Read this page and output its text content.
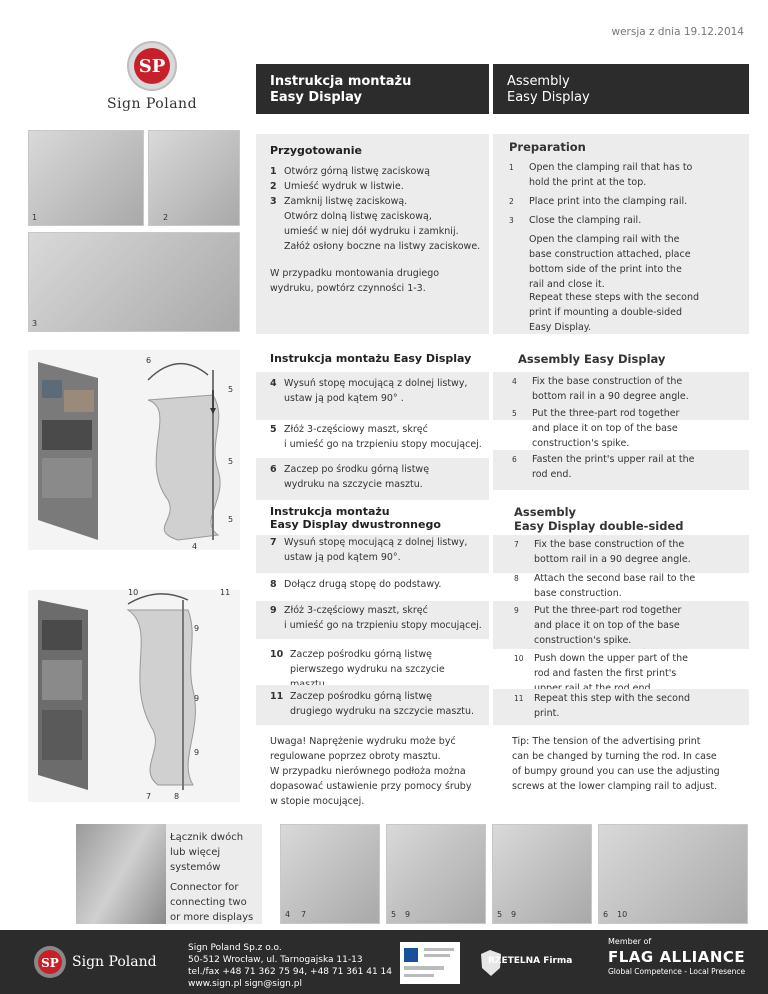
wersja z dnia 19.12.2014
SP
Sign Poland
Instrukcja montażu
Easy Display
Assembly
Easy Display
1	2
3
Przygotowanie
1 Otwórz górną listwę zaciskową
2 Umieść wydruk w listwie.
3 Zamknij listwę zaciskową.
Otwórz dolną listwę zaciskową,
umieść w niej dół wydruku i zamknij.
Załóż osłony boczne na listwy zaciskowe.
W przypadku montowania drugiego
wydruku, powtórz czynności 1-3.
Preparation
1 Open the clamping rail that has to
hold the print at the top.
2 Place print into the clamping rail.
3 Close the clamping rail.
Open the clamping rail with the
base construction attached, place
bottom side of the print into the
rail and close it.
Repeat these steps with the second
print if mounting a double-sided
Easy Display.
6
5
5
5
4
10	11
9
9
9
7	8
Instrukcja montażu Easy Display	Assembly Easy Display
4 Wysuń stopę mocującą z dolnej listwy,
ustaw ją pod kątem 90° .
4 Fix the base construction of the
bottom rail in a 90 degree angle.
5 Złóż 3-częściowy maszt, skręć
i umieść go na trzpieniu stopy mocującej.
5 Put the three-part rod together
and place it on top of the base
construction's spike.
6 Zaczep po środku górną listwę
wydruku na szczycie masztu.
6 Fasten the print's upper rail at the
rod end.
Instrukcja montażu
Easy Display dwustronnego
Assembly
Easy Display double-sided
7 Wysuń stopę mocującą z dolnej listwy,
ustaw ją pod kątem 90°.
7 Fix the base construction of the
bottom rail in a 90 degree angle.
8 Dołącz drugą stopę do podstawy.
8 Attach the second base rail to the
base construction.
9 Złóż 3-częściowy maszt, skręć
i umieść go na trzpieniu stopy mocującej.
9 Put the three-part rod together
and place it on top of the base
construction's spike.
10 Zaczep pośrodku górną listwę
pierwszego wydruku na szczycie
10 Push down the upper part of the
rod and fasten the first print's
11 Zaczep pośrodku górną listwę
drugiego wydruku na szczycie masztu.
11 Repeat this step with the second
print.
Uwaga! Naprężenie wydruku może być
regulowane poprzez obroty masztu.
W przypadku nierównego podłoża można
dopasować ustawienie przy pomocy śruby
w stopie mocującej.
Tip: The tension of the advertising print
can be changed by turning the rod. In case
of bumpy ground you can use the adjusting
screws at the lower clamping rail to adjust.
Łącznik dwóch
lub więcej
systemów
Connector for
connecting two
or more displays	4 7	5 9	5 9	6 10
SP Sign Poland
Sign Poland Sp.z o.o.
50-512 Wrocław, ul. Tarnogajska 11-13
tel./fax +48 71 362 75 94, +48 71 361 41 14
www.sign.pl sign@sign.pl
RZETELNA Firma
Member of
FLAG ALLIANCE
Global Competence - Local Presence
